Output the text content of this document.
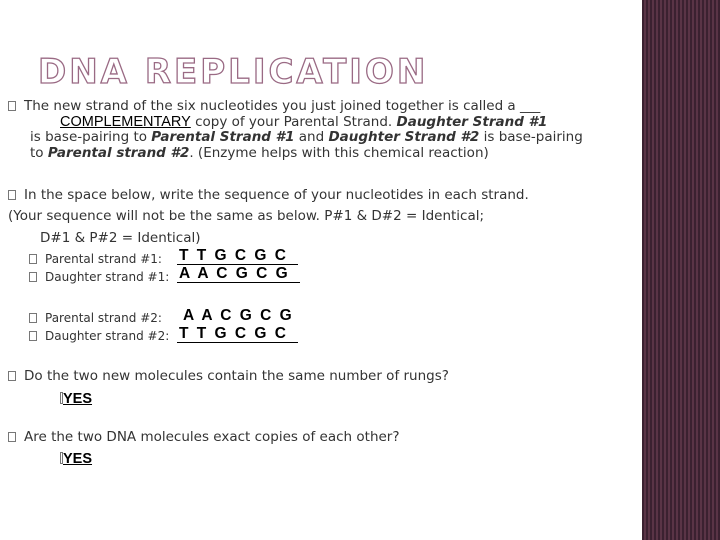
DNA REPLICATION
The new strand of the six nucleotides you just joined together is called a ___
COMPLEMENTARY copy of your Parental Strand. Daughter Strand #1
is base-pairing to Parental Strand #1 and Daughter Strand #2 is base-pairing
to Parental strand #2. (Enzyme helps with this chemical reaction)
In the space below, write the sequence of your nucleotides in each strand.
(Your sequence will not be the same as below. P#1 & D#2 = Identical;
D#1 & P#2 = Identical)
Parental strand #1: T T G C G C
Daughter strand #1: A A C G C G
Parental strand #2: A A C G C G
Daughter strand #2: T T G C G C
Do the two new molecules contain the same number of rungs?
YES
Are the two DNA molecules exact copies of each other?
YES
